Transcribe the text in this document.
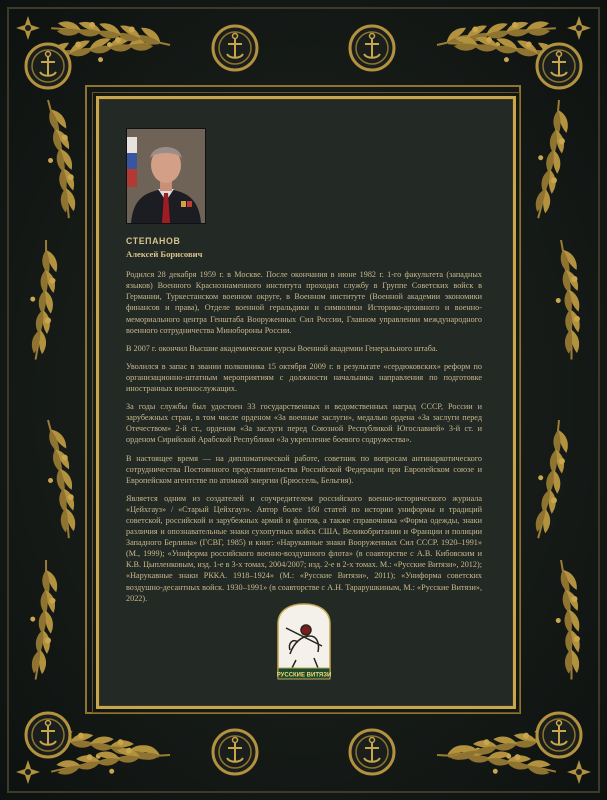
СТЕПАНОВ

Алексей Борисович

Родился 28 декабря 1959 г. в Москве. После окончания в июне 1982 г. 1-го факультета (западных языков) Военного Краснознаменного института проходил службу в Группе Советских войск в Германии, Туркестанском военном округе, в Военном институте (Военной академии экономики финансов и права), Отделе военной геральдики и символики Историко-архивного и военно-мемориального центра Генштаба Вооруженных Сил России, Главном управлении международного военного сотрудничества Минобороны России.

В 2007 г. окончил Высшие академические курсы Военной академии Генерального штаба.

Уволился в запас в звании полковника 15 октября 2009 г. в результате «сердюковских» реформ по организационно-штатным мероприятиям с должности начальника направления по подготовке иностранных военнослужащих.

За годы службы был удостоен 33 государственных и ведомственных наград СССР, России и зарубежных стран, в том числе орденом «За военные заслуги», медалью ордена «За заслуги перед Отечеством» 2-й ст., орденом «За заслуги перед Союзной Республикой Югославией» 3-й ст. и орденом Сирийской Арабской Республики «За укрепление боевого содружества».

В настоящее время — на дипломатической работе, советник по вопросам антинаркотического сотрудничества Постоянного представительства Российской Федерации при Европейском союзе и Европейском агентстве по атомной энергии (Брюссель, Бельгия).

Является одним из создателей и соучредителем российского военно-исторического журнала «Цейхгауз» / «Старый Цейхгауз». Автор более 160 статей по истории униформы и традиций советской, российской и зарубежных армий и флотов, а также справочника «Форма одежды, знаки различия и опознавательные знаки сухопутных войск США, Великобритании и Франции и полиции Западного Берлина» (ГСВГ, 1985) и книг: «Нарукавные знаки Вооруженных Сил СССР. 1920–1991» (М., 1999); «Униформа российского военно-воздушного флота» (в соавторстве с А.В. Кибовским и К.В. Цыпленковым, изд. 1-е в 3-х томах, 2004/2007; изд. 2-е в 2-х томах. М.: «Русские Витязи», 2012); «Нарукавные знаки РККА. 1918–1924» (М.: «Русские Витязи», 2011); «Униформа советских воздушно-десантных войск. 1930–1991» (в соавторстве с А.Н. Тарарушкиным, М.: «Русские Витязи», 2022).

РУССКИЕ ВИТЯЗИ
